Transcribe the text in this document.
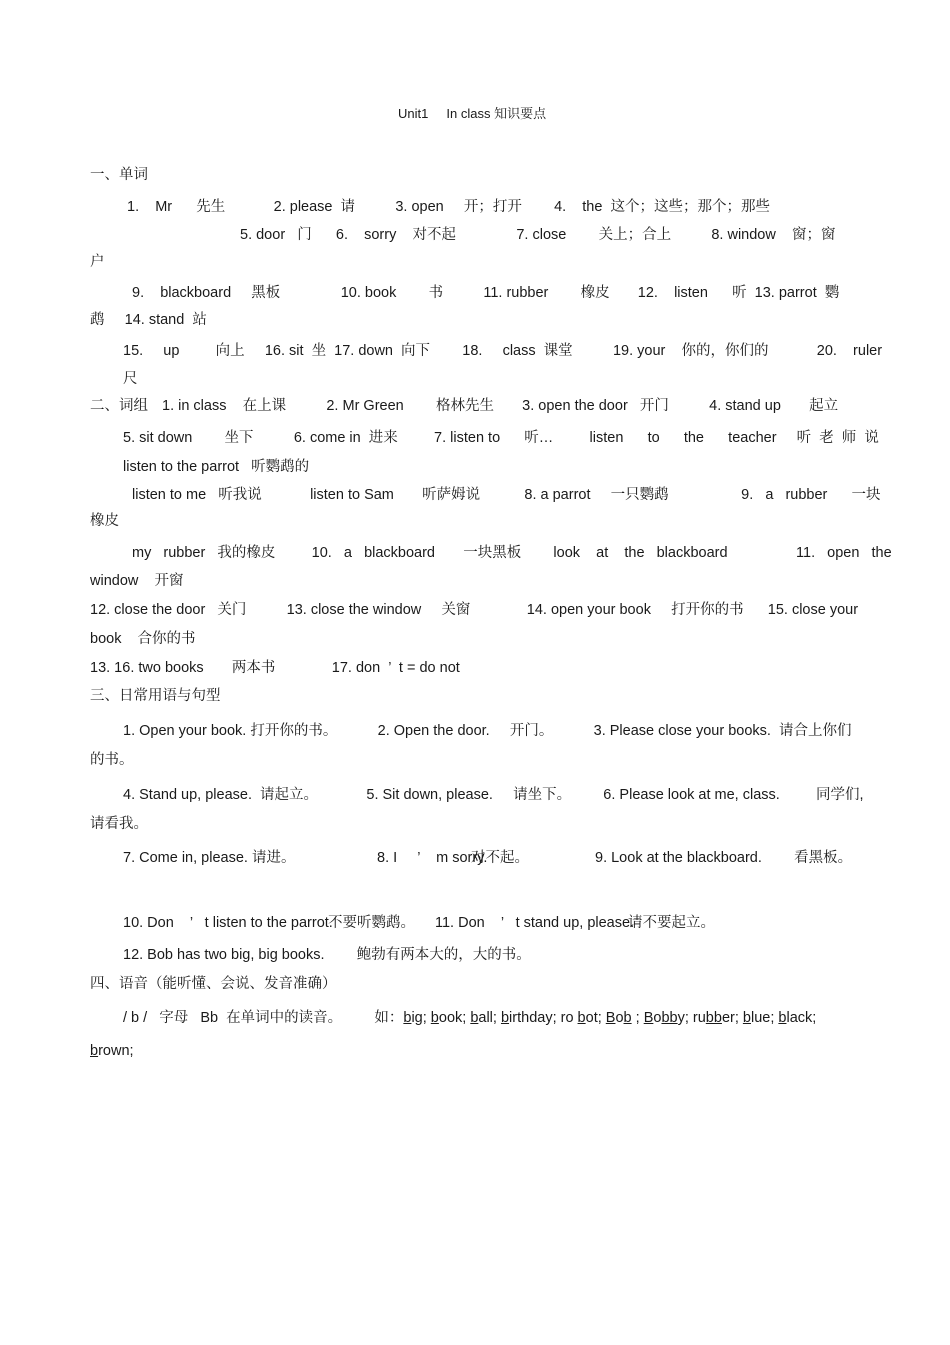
Unit1     In class 知识要点
一、单词
1.    Mr      先生            2. please  请          3. open     开；打开        4.    the  这个；这些；那个；那些
5. door   门      6.    sorry    对不起               7. close        关上；合上          8. window    窗；窗
户
9.    blackboard     黑板               10. book        书          11. rubber        橡皮       12.    listen      听  13. parrot  鹦
鹉     14. stand  站
15.     up         向上     16. sit  坐  17. down  向下        18.     class  课堂          19. your    你的，你们的            20.    ruler
尺
二、词组 1. in class    在上课          2. Mr Green        格林先生       3. open the door   开门          4. stand up       起立
5. sit down        坐下          6. come in  进来         7. listen to      听…         listen      to      the      teacher     听  老  师  说
listen to the parrot   听鹦鹉的
listen to me   听我说            listen to Sam       听萨姆说           8. a parrot     一只鹦鹉                  9.   a   rubber      一块
橡皮
my   rubber   我的橡皮         10.   a   blackboard       一块黑板        look    at    the   blackboard                 11.   open   the
window    开窗
12. close the door   关门          13. close the window     关窗              14. open your book     打开你的书      15. close your
book    合你的书
13. 16. two books       两本书              17. don  ’  t = do not
三、日常用语与句型
1. Open your book. 打开你的书。          2. Open the door.     开门。          3. Please close your books.  请合上你们
的书。
4. Stand up, please.  请起立。            5. Sit down, please.     请坐下。        6. Please look at me, class.         同学们,
请看我。
7. Come in, please. 请进。	8. I     ’    m sorry.
对不起。	9. Look at the blackboard.        看黑板。
10. Don    ’   t listen to the parrot.
不要听鹦鹉。 11. Don    ’   t stand up, please.
请不要起立。
12. Bob has two big, big books.        鲍勃有两本大的，大的书。
四、语音（能听懂、会说、发音准确）
/ b /   字母   Bb  在单词中的读音。        如：big; book; ball; birthday; ro bot; Bob ; Bobby; rubber; blue; black;
brown;
